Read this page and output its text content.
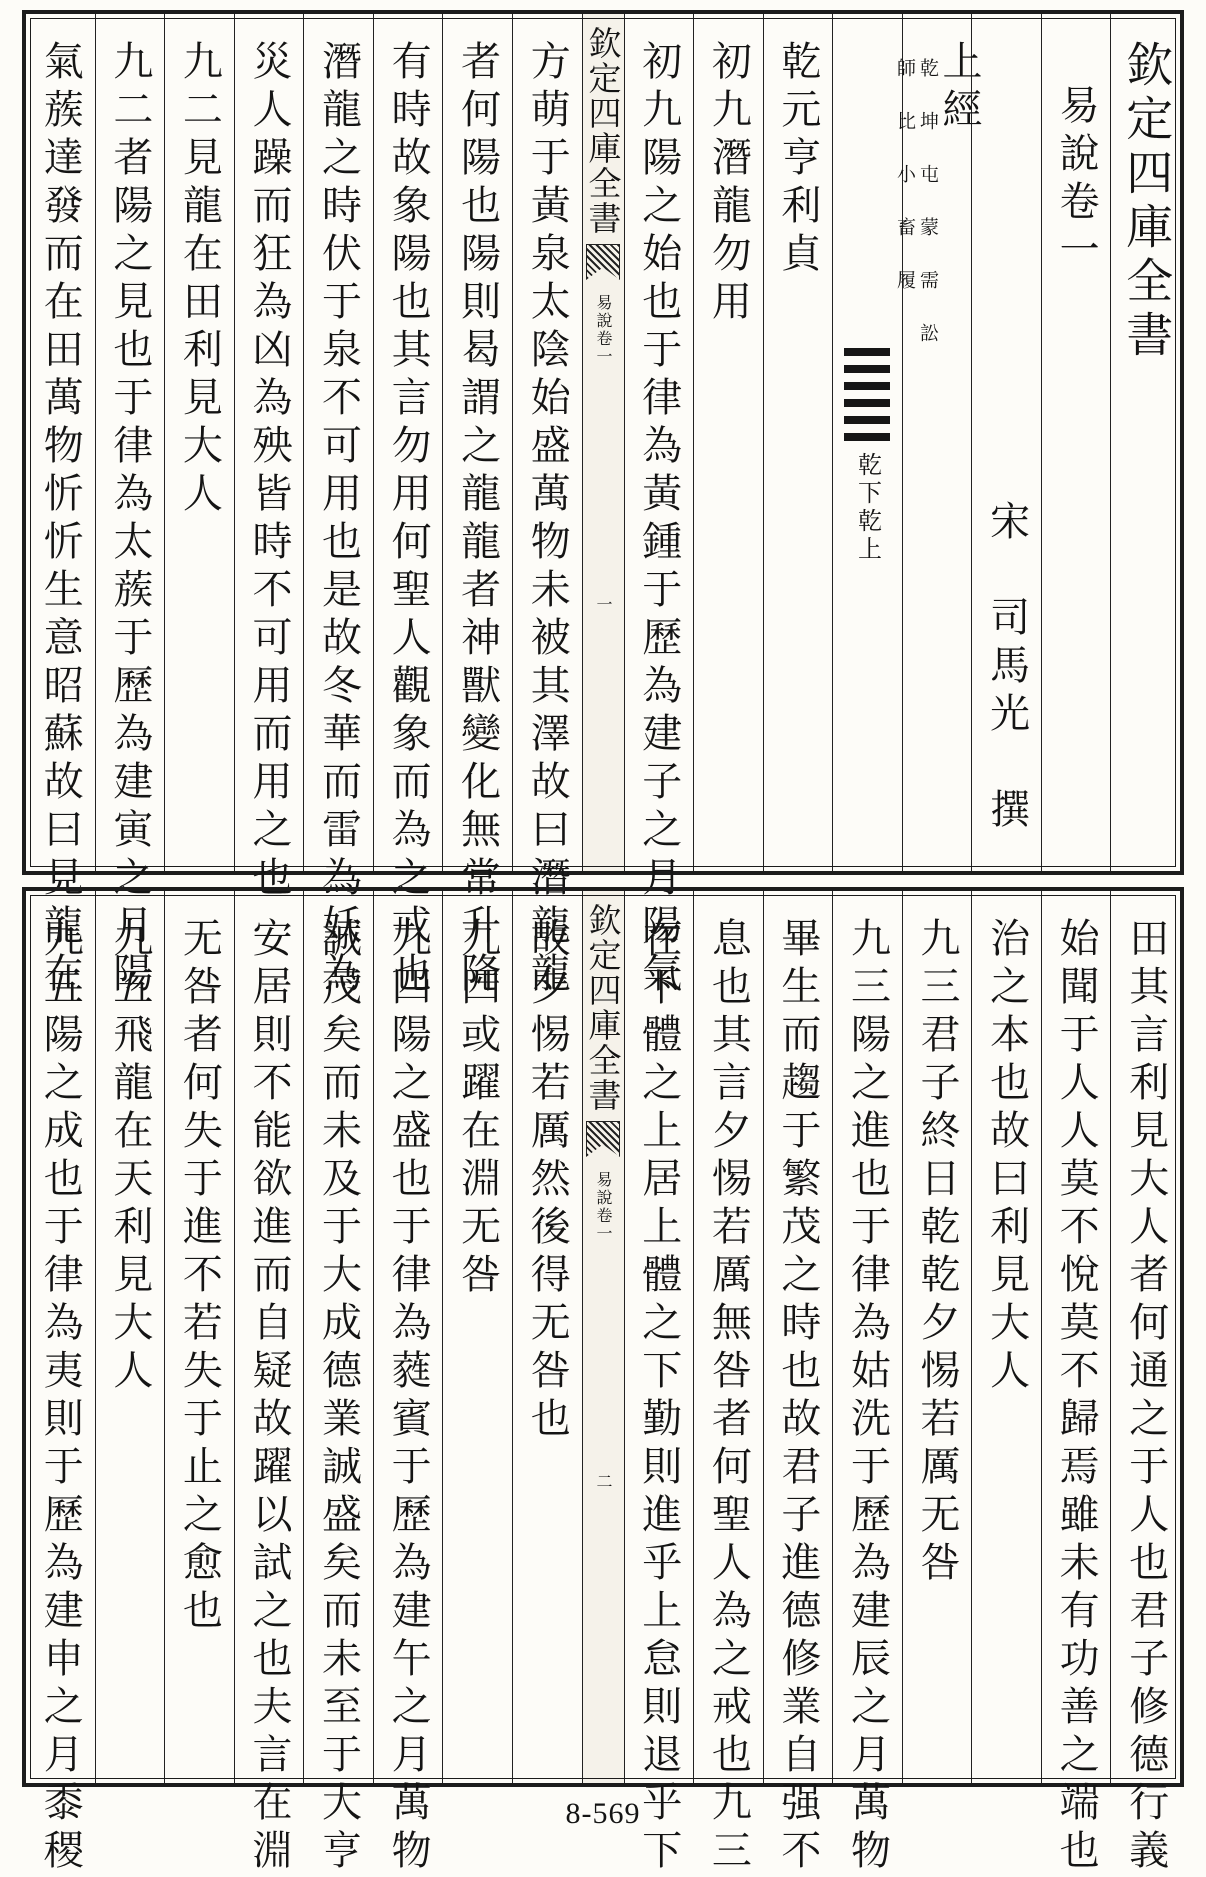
欽定四庫全書
易說卷一
宋　司馬光　撰
上經
乾坤屯蒙需訟
師比小畜履
乾下乾上
乾元亨利貞
初九潛龍勿用
初九陽之始也于律為黃鍾于歷為建子之月陽氣
欽定四庫全書
易說
卷一
一
方萌于黃泉太陰始盛萬物未被其澤故曰潛龍龍
者何陽也陽則曷謂之龍龍者神獸變化無常升降
有時故象陽也其言勿用何聖人觀象而為之戒也
潛龍之時伏于泉不可用也是故冬華而雷為妖為
災人躁而狂為凶為殃皆時不可用而用之也
九二見龍在田利見大人
九二者陽之見也于律為太蔟于歷為建寅之月陽
氣蔟達發而在田萬物忻忻生意昭蘇故曰見龍在
田其言利見大人者何通之于人也君子修德行義
始聞于人人莫不悅莫不歸焉雖未有功善之端也
治之本也故曰利見大人
九三君子終日乾乾夕惕若厲无咎
九三陽之進也于律為姑洗于歷為建辰之月萬物
畢生而趨于繁茂之時也故君子進德修業自强不
息也其言夕惕若厲無咎者何聖人為之戒也九三
在下體之上居上體之下勤則進乎上怠則退乎下
欽定四庫全書
易說
卷一
二
故夕惕若厲然後得无咎也
九四或躍在淵无咎
九四陽之盛也于律為蕤賓于歷為建午之月萬物
誠茂矣而未及于大成德業誠盛矣而未至于大亨
安居則不能欲進而自疑故躍以試之也夫言在淵
无咎者何失于進不若失于止之愈也
九五飛龍在天利見大人
九五陽之成也于律為夷則于歷為建申之月黍稷	8-569
